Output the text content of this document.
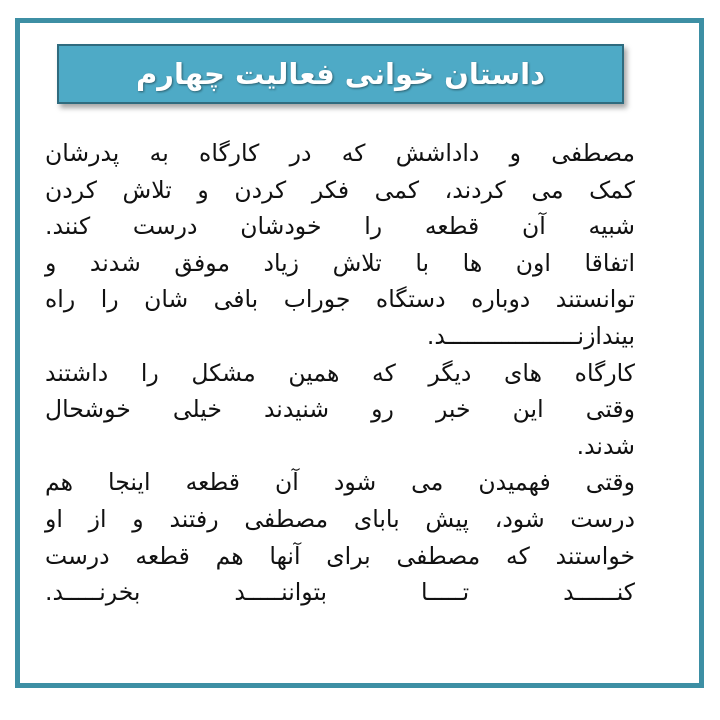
داستان خوانی فعالیت چهارم
مصطفی و داداشش که در کارگاه به پدرشان
کمک می کردند، کمی فکر کردن و تلاش کردن
شبیه آن قطعه را خودشان درست کنند.
اتفاقا اون ها با تلاش زیاد موفق شدند و
توانستند دوباره دستگاه جوراب بافی شان را راه
بیندازنـــــــــــــــــــد.
کارگاه های دیگر که همین مشکل را داشتند
وقتی این خبر رو شنیدند خیلی خوشحال
شدند.
وقتی فهمیدن می شود آن قطعه اینجا هم
درست شود، پیش بابای مصطفی رفتند و از او
خواستند که مصطفی برای آنها هم قطعه درست
کنــــــد تـــــا بتواننـــــد بخرنـــــد.
